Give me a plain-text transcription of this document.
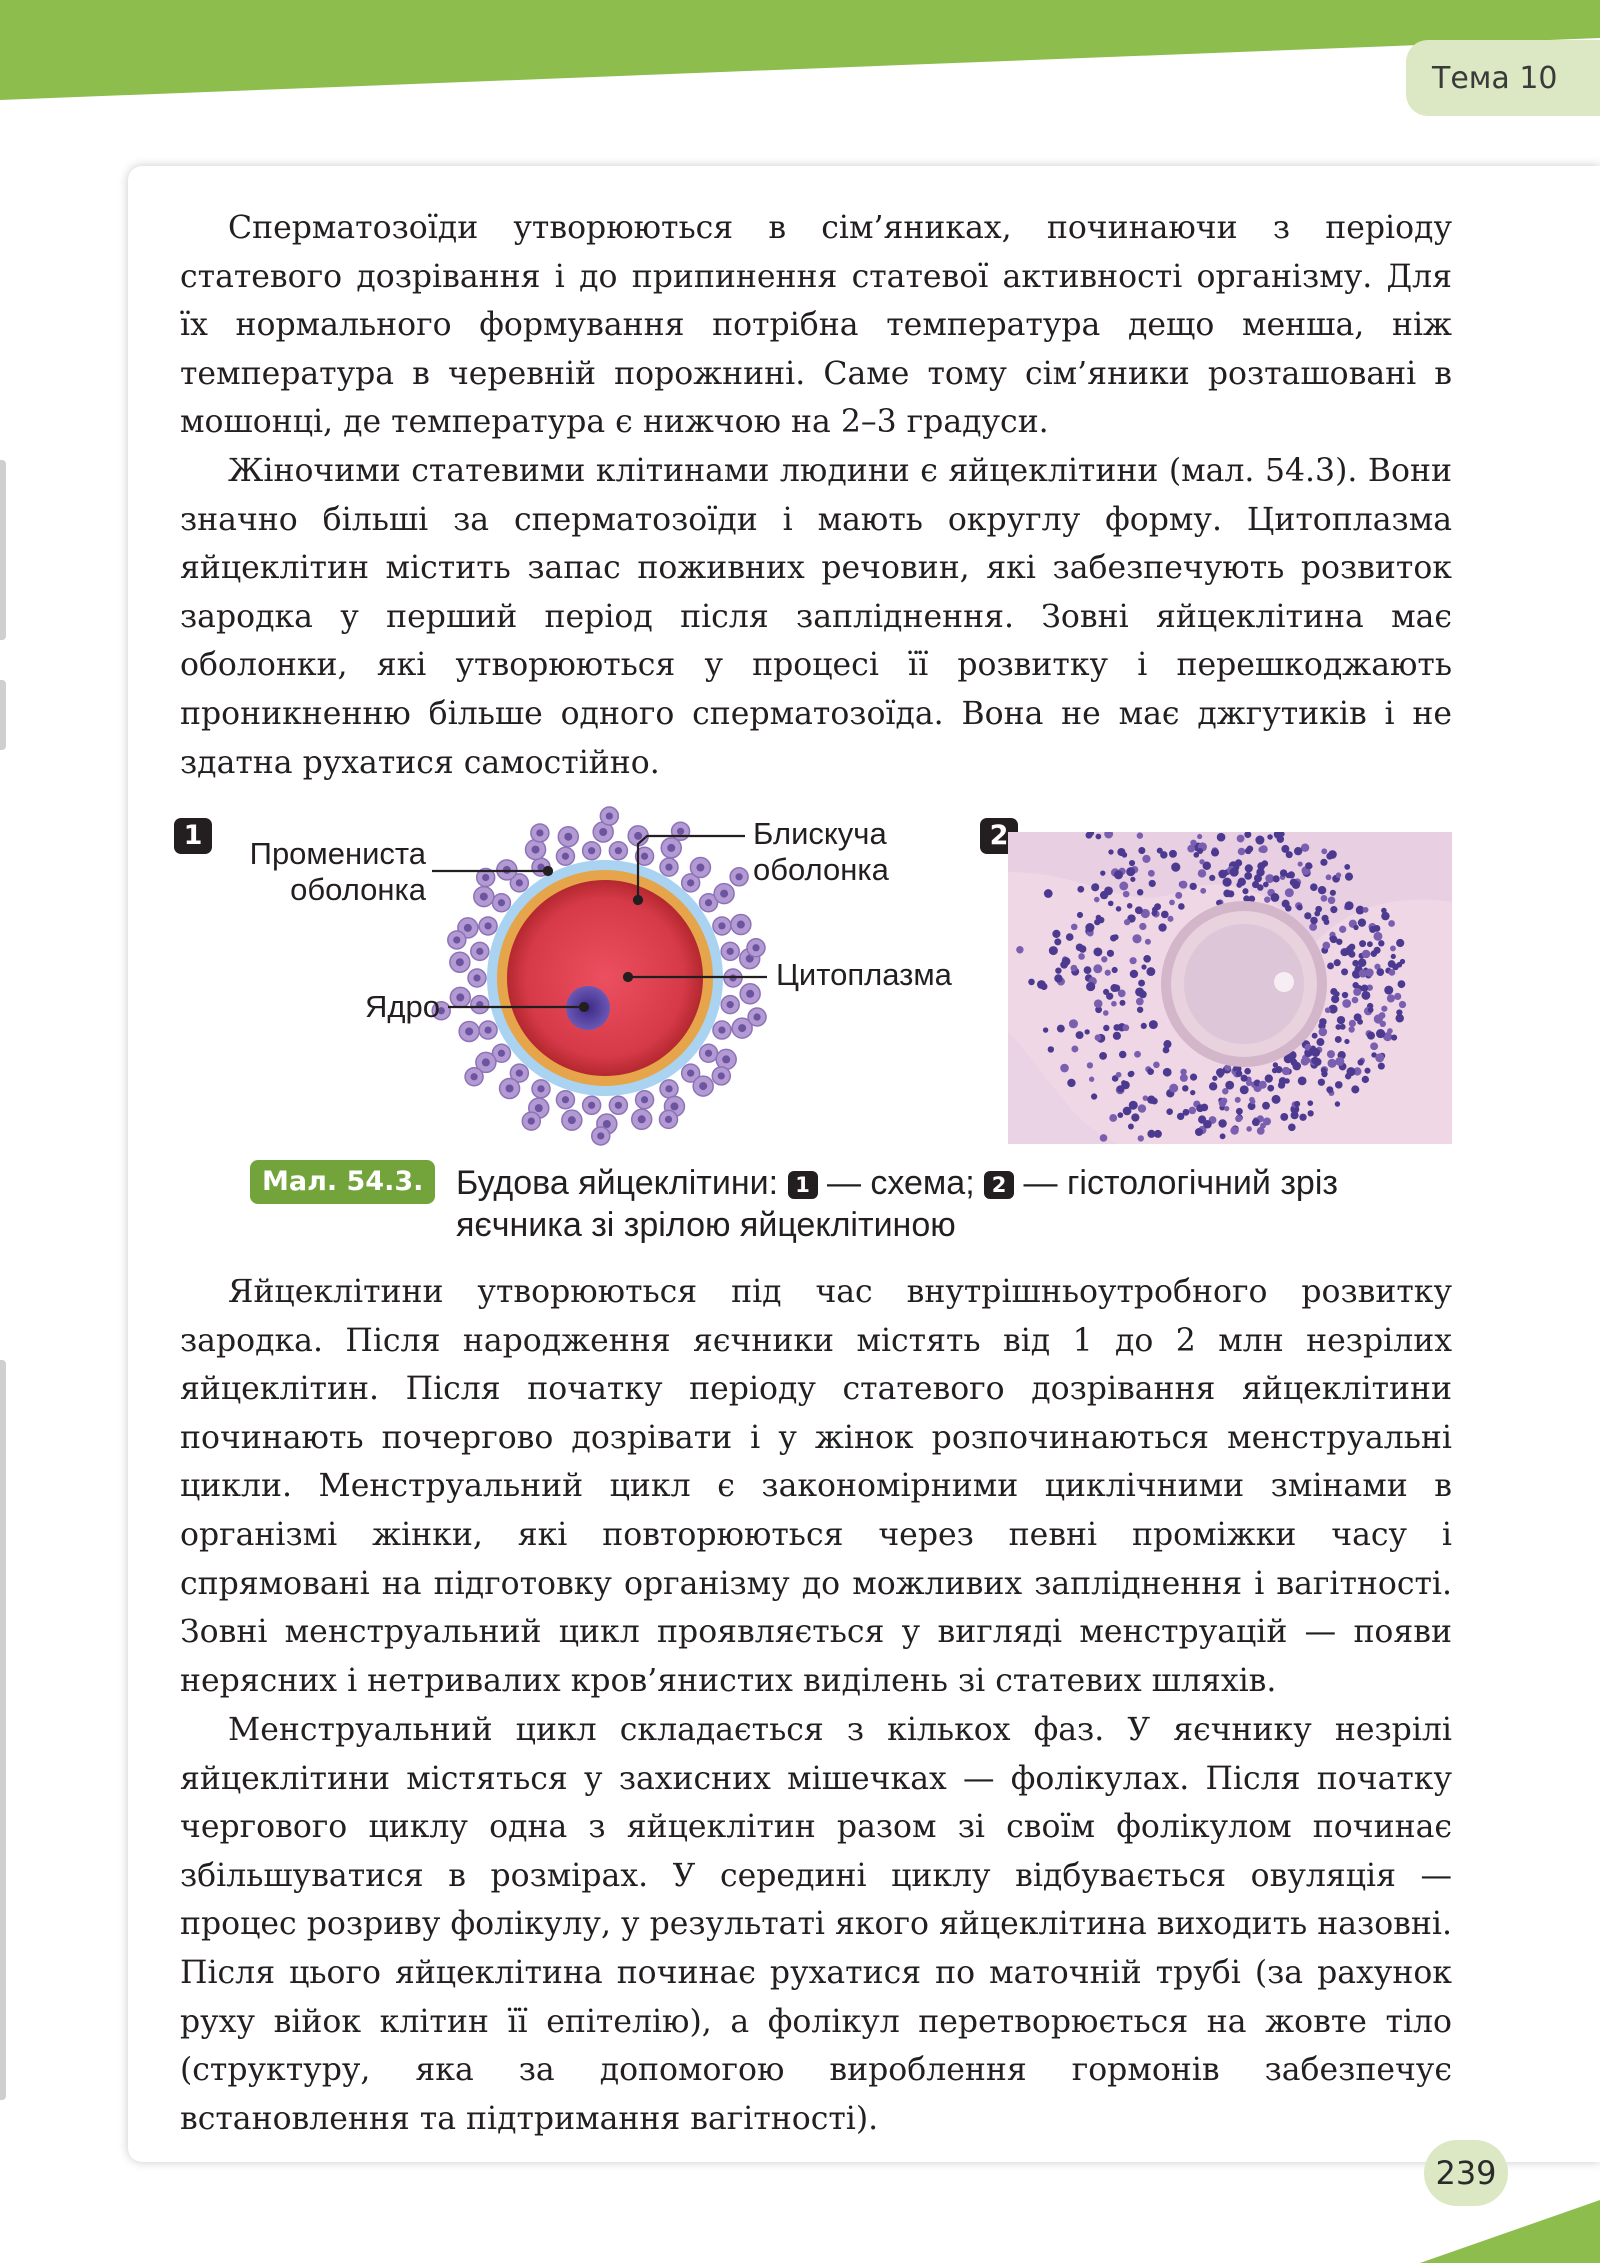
Тема 10

Сперматозоїди утворюються в сім’яниках, починаючи з періоду статевого дозрівання і до припинення статевої активності організму. Для їх нормального формування потрібна температура дещо менша, ніж температура в черевній порожнині. Саме тому сім’яники розташовані в мошонці, де температура є нижчою на 2–3 градуси.

Жіночими статевими клітинами людини є яйцеклітини (мал. 54.3). Вони значно більші за сперматозоїди і мають округлу форму. Цитоплазма яйцеклітин містить запас поживних речовин, які забезпечують розвиток зародка у перший період після запліднення. Зовні яйцеклітина має оболонки, які утворюються у процесі її розвитку і перешкоджають проникненню більше одного сперматозоїда. Вона не має джгутиків і не здатна рухатися самостійно.

1	2
Промениста
оболонка
Блискуча
оболонка
Цитоплазма
Ядро
Мал. 54.3. Будова яйцеклітини: 1 — схема; 2 — гістологічний зріз яєчника зі зрілою яйцеклітиною

Яйцеклітини утворюються під час внутрішньоутробного розвитку зародка. Після народження яєчники містять від 1 до 2 млн незрілих яйцеклітин. Після початку періоду статевого дозрівання яйцеклітини починають почергово дозрівати і у жінок розпочинаються менструальні цикли. Менструальний цикл є закономірними циклічними змінами в організмі жінки, які повторюються через певні проміжки часу і спрямовані на підготовку організму до можливих запліднення і вагітності. Зовні менструальний цикл проявляється у вигляді менструацій — появи нерясних і нетривалих кров’янистих виділень зі статевих шляхів.

Менструальний цикл складається з кількох фаз. У яєчнику незрілі яйцеклітини містяться у захисних мішечках — фолікулах. Після початку чергового циклу одна з яйцеклітин разом зі своїм фолікулом починає збільшуватися в розмірах. У середині циклу відбувається овуляція — процес розриву фолікулу, у результаті якого яйцеклітина виходить назовні. Після цього яйцеклітина починає рухатися по маточній трубі (за рахунок руху війок клітин її епітелію), а фолікул перетворюється на жовте тіло (структуру, яка за допомогою вироблення гормонів забезпечує встановлення та підтримання вагітності).

239
